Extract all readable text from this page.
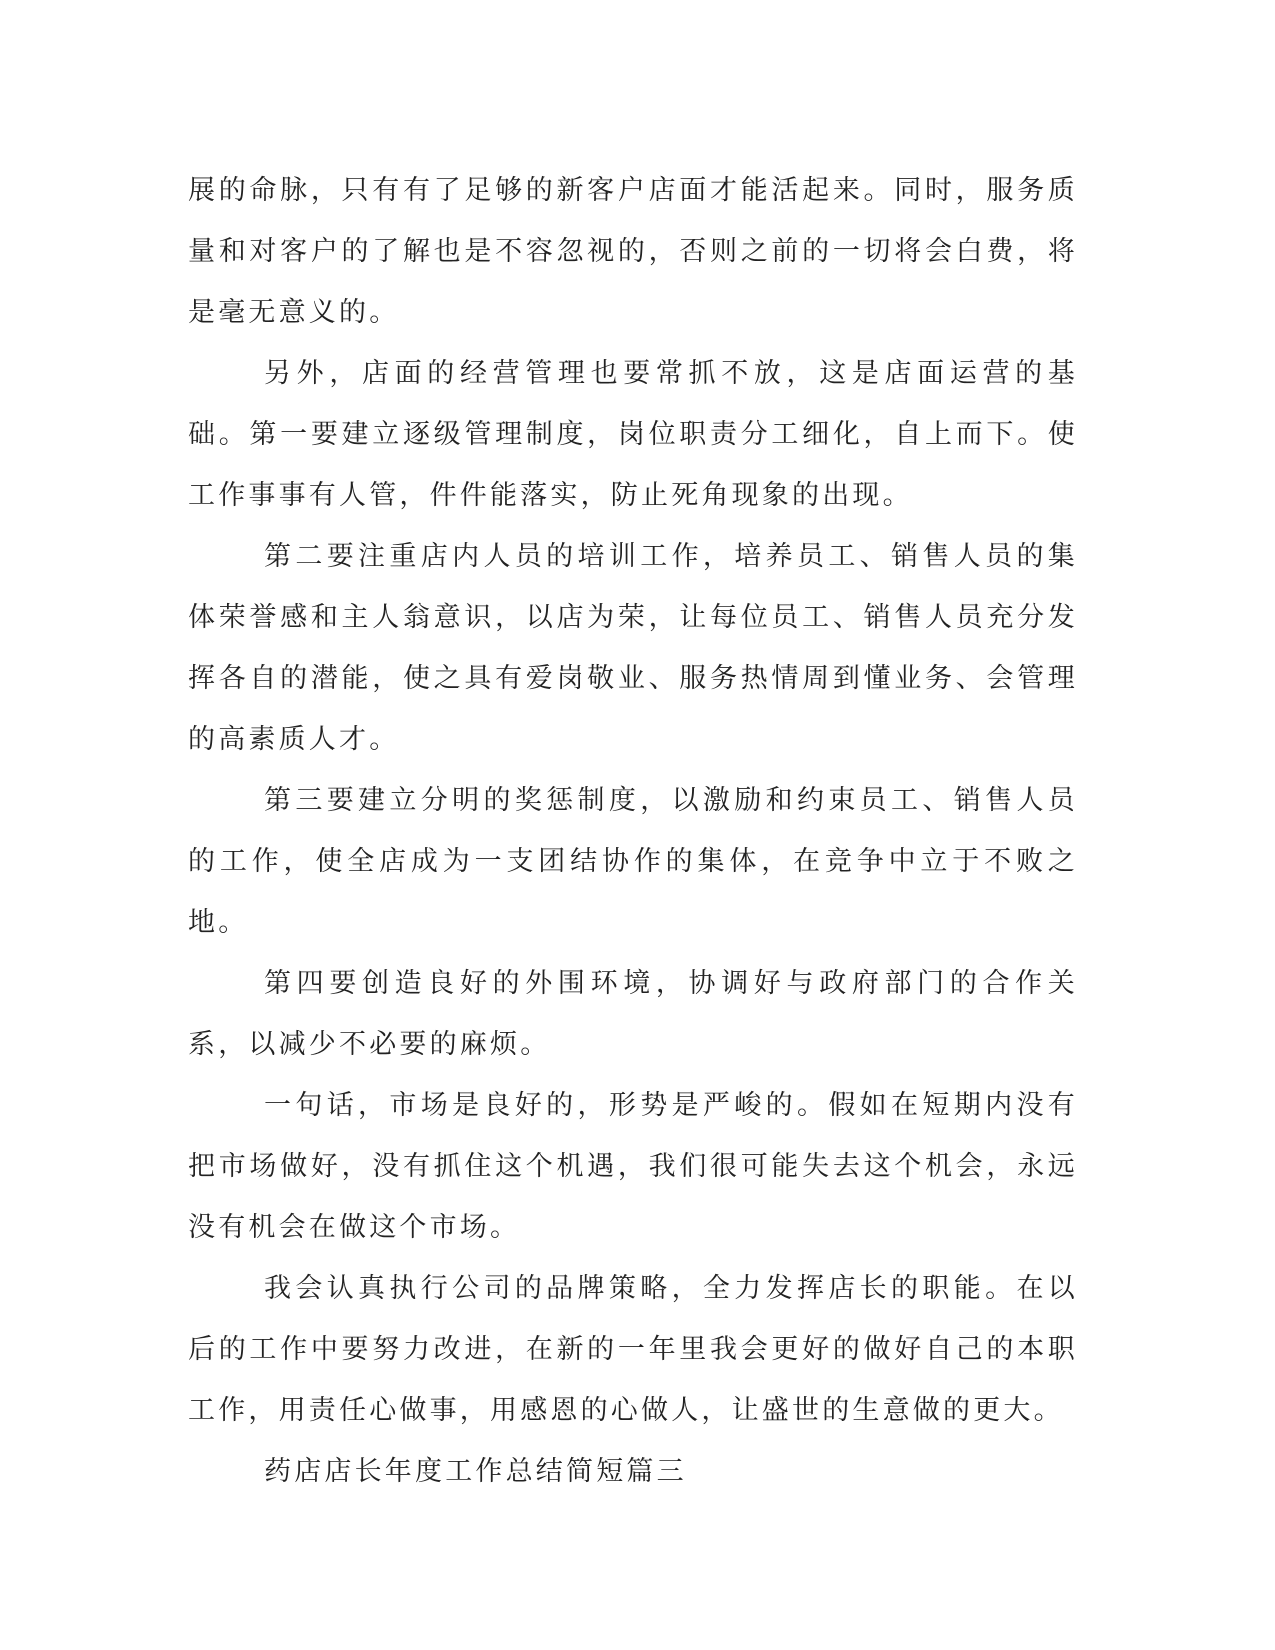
展的命脉，只有有了足够的新客户店面才能活起来。同时，服务质量和对客户的了解也是不容忽视的，否则之前的一切将会白费，将是毫无意义的。

另外，店面的经营管理也要常抓不放，这是店面运营的基础。第一要建立逐级管理制度，岗位职责分工细化，自上而下。使工作事事有人管，件件能落实，防止死角现象的出现。

第二要注重店内人员的培训工作，培养员工、销售人员的集体荣誉感和主人翁意识，以店为荣，让每位员工、销售人员充分发挥各自的潜能，使之具有爱岗敬业、服务热情周到懂业务、会管理的高素质人才。

第三要建立分明的奖惩制度，以激励和约束员工、销售人员的工作，使全店成为一支团结协作的集体，在竞争中立于不败之地。

第四要创造良好的外围环境，协调好与政府部门的合作关系，以减少不必要的麻烦。

一句话，市场是良好的，形势是严峻的。假如在短期内没有把市场做好，没有抓住这个机遇，我们很可能失去这个机会，永远没有机会在做这个市场。

我会认真执行公司的品牌策略，全力发挥店长的职能。在以后的工作中要努力改进，在新的一年里我会更好的做好自己的本职工作，用责任心做事，用感恩的心做人，让盛世的生意做的更大。

药店店长年度工作总结简短篇三
